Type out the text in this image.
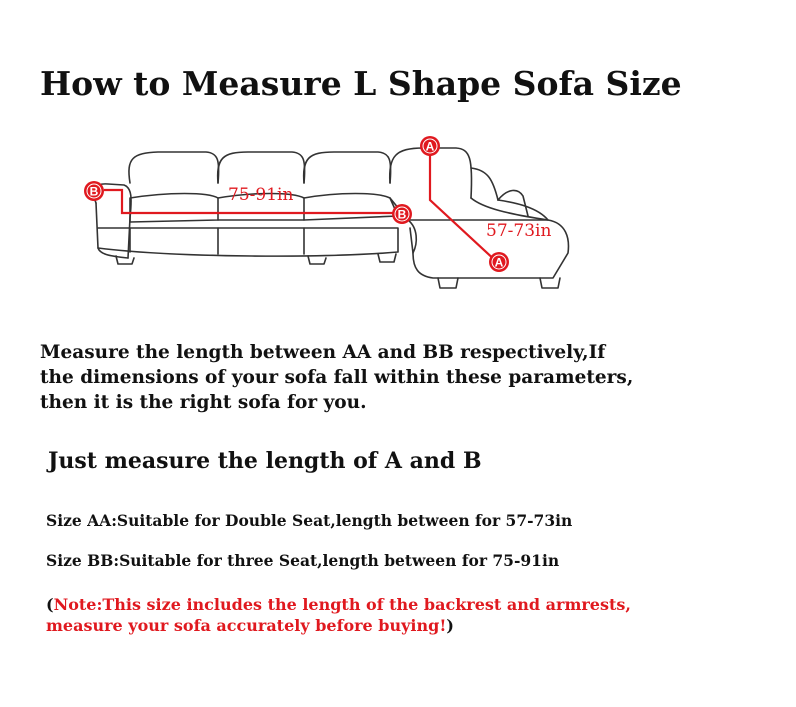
How to Measure L Shape Sofa Size
B
B
A
A
75-91in
57-73in
Measure the length between AA and BB respectively,If
the dimensions of your sofa fall within these parameters,
then it is the right sofa for you.
Just measure the length of A and B
Size AA:Suitable for Double Seat,length between for 57-73in
Size BB:Suitable for three Seat,length between for 75-91in
(Note:This size includes the length of the backrest and armrests,
measure your sofa accurately before buying!)
